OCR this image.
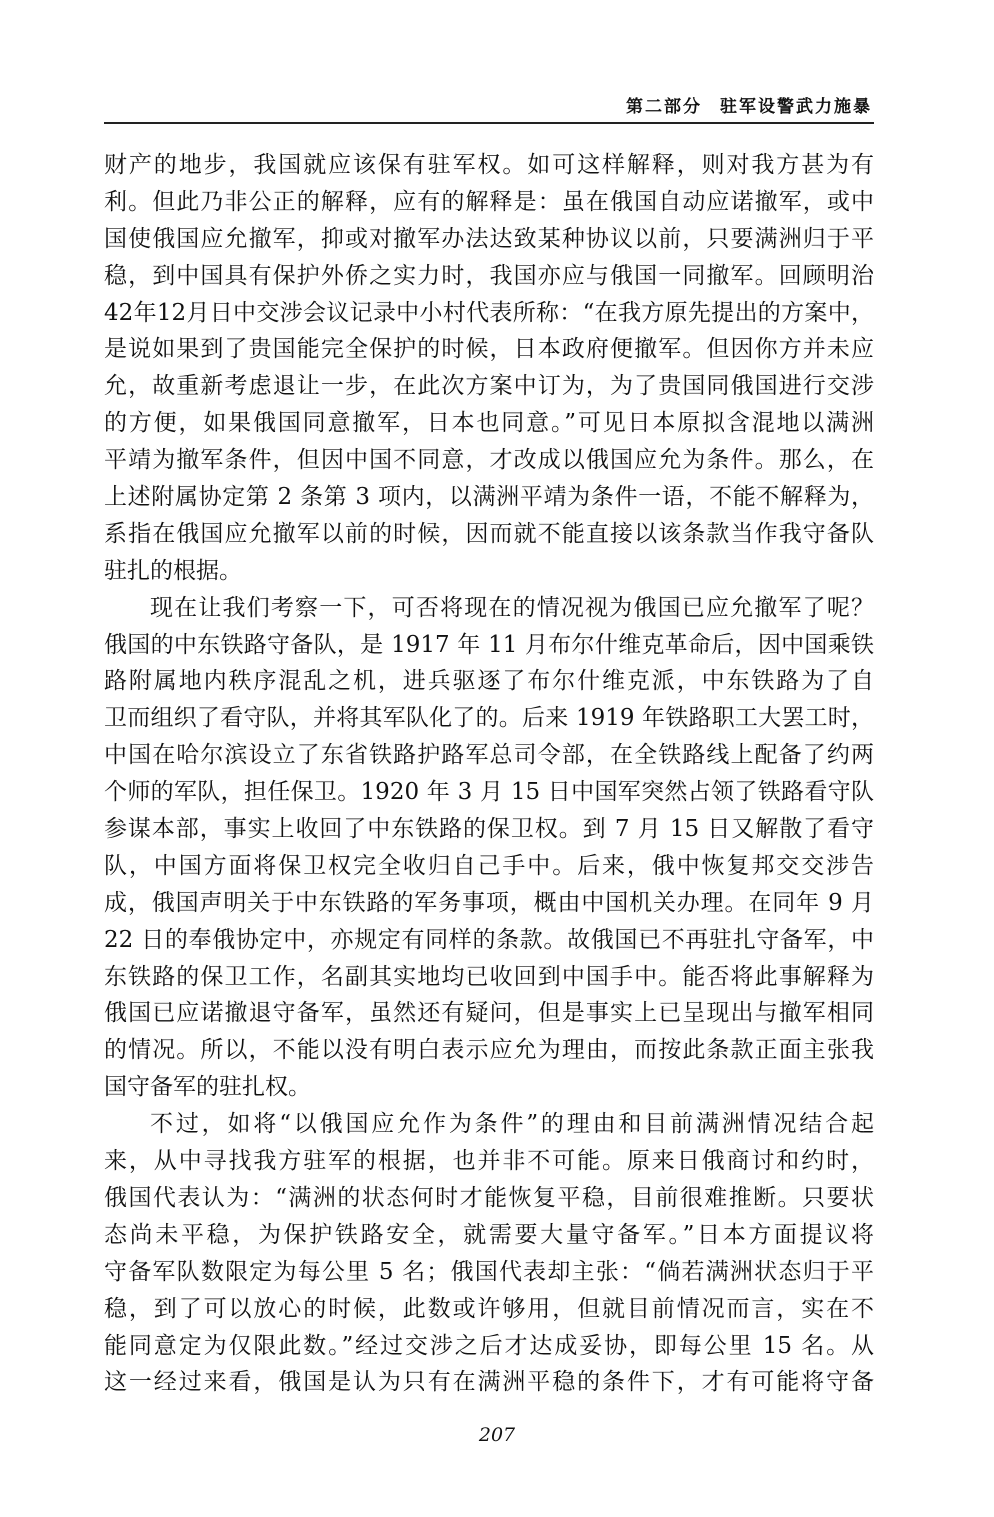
第二部分 驻军设警武力施暴
财产的地步，我国就应该保有驻军权。如可这样解释，则对我方甚为有
利。但此乃非公正的解释，应有的解释是：虽在俄国自动应诺撤军，或中
国使俄国应允撤军，抑或对撤军办法达致某种协议以前，只要满洲归于平
稳，到中国具有保护外侨之实力时，我国亦应与俄国一同撤军。回顾明治
42年12月日中交涉会议记录中小村代表所称：“在我方原先提出的方案中，
是说如果到了贵国能完全保护的时候，日本政府便撤军。但因你方并未应
允，故重新考虑退让一步，在此次方案中订为，为了贵国同俄国进行交涉
的方便，如果俄国同意撤军，日本也同意。”可见日本原拟含混地以满洲
平靖为撤军条件，但因中国不同意，才改成以俄国应允为条件。那么，在
上述附属协定第 2 条第 3 项内，以满洲平靖为条件一语，不能不解释为，
系指在俄国应允撤军以前的时候，因而就不能直接以该条款当作我守备队
驻扎的根据。
现在让我们考察一下，可否将现在的情况视为俄国已应允撤军了呢？
俄国的中东铁路守备队，是 1917 年 11 月布尔什维克革命后，因中国乘铁
路附属地内秩序混乱之机，进兵驱逐了布尔什维克派，中东铁路为了自
卫而组织了看守队，并将其军队化了的。后来 1919 年铁路职工大罢工时，
中国在哈尔滨设立了东省铁路护路军总司令部，在全铁路线上配备了约两
个师的军队，担任保卫。1920 年 3 月 15 日中国军突然占领了铁路看守队
参谋本部，事实上收回了中东铁路的保卫权。到 7 月 15 日又解散了看守
队，中国方面将保卫权完全收归自己手中。后来，俄中恢复邦交交涉告
成，俄国声明关于中东铁路的军务事项，概由中国机关办理。在同年 9 月
22 日的奉俄协定中，亦规定有同样的条款。故俄国已不再驻扎守备军，中
东铁路的保卫工作，名副其实地均已收回到中国手中。能否将此事解释为
俄国已应诺撤退守备军，虽然还有疑问，但是事实上已呈现出与撤军相同
的情况。所以，不能以没有明白表示应允为理由，而按此条款正面主张我
国守备军的驻扎权。
不过，如将“以俄国应允作为条件”的理由和目前满洲情况结合起
来，从中寻找我方驻军的根据，也并非不可能。原来日俄商讨和约时，
俄国代表认为：“满洲的状态何时才能恢复平稳，目前很难推断。只要状
态尚未平稳，为保护铁路安全，就需要大量守备军。”日本方面提议将
守备军队数限定为每公里 5 名；俄国代表却主张：“倘若满洲状态归于平
稳，到了可以放心的时候，此数或许够用，但就目前情况而言，实在不
能同意定为仅限此数。”经过交涉之后才达成妥协，即每公里 15 名。从
这一经过来看，俄国是认为只有在满洲平稳的条件下，才有可能将守备
207
